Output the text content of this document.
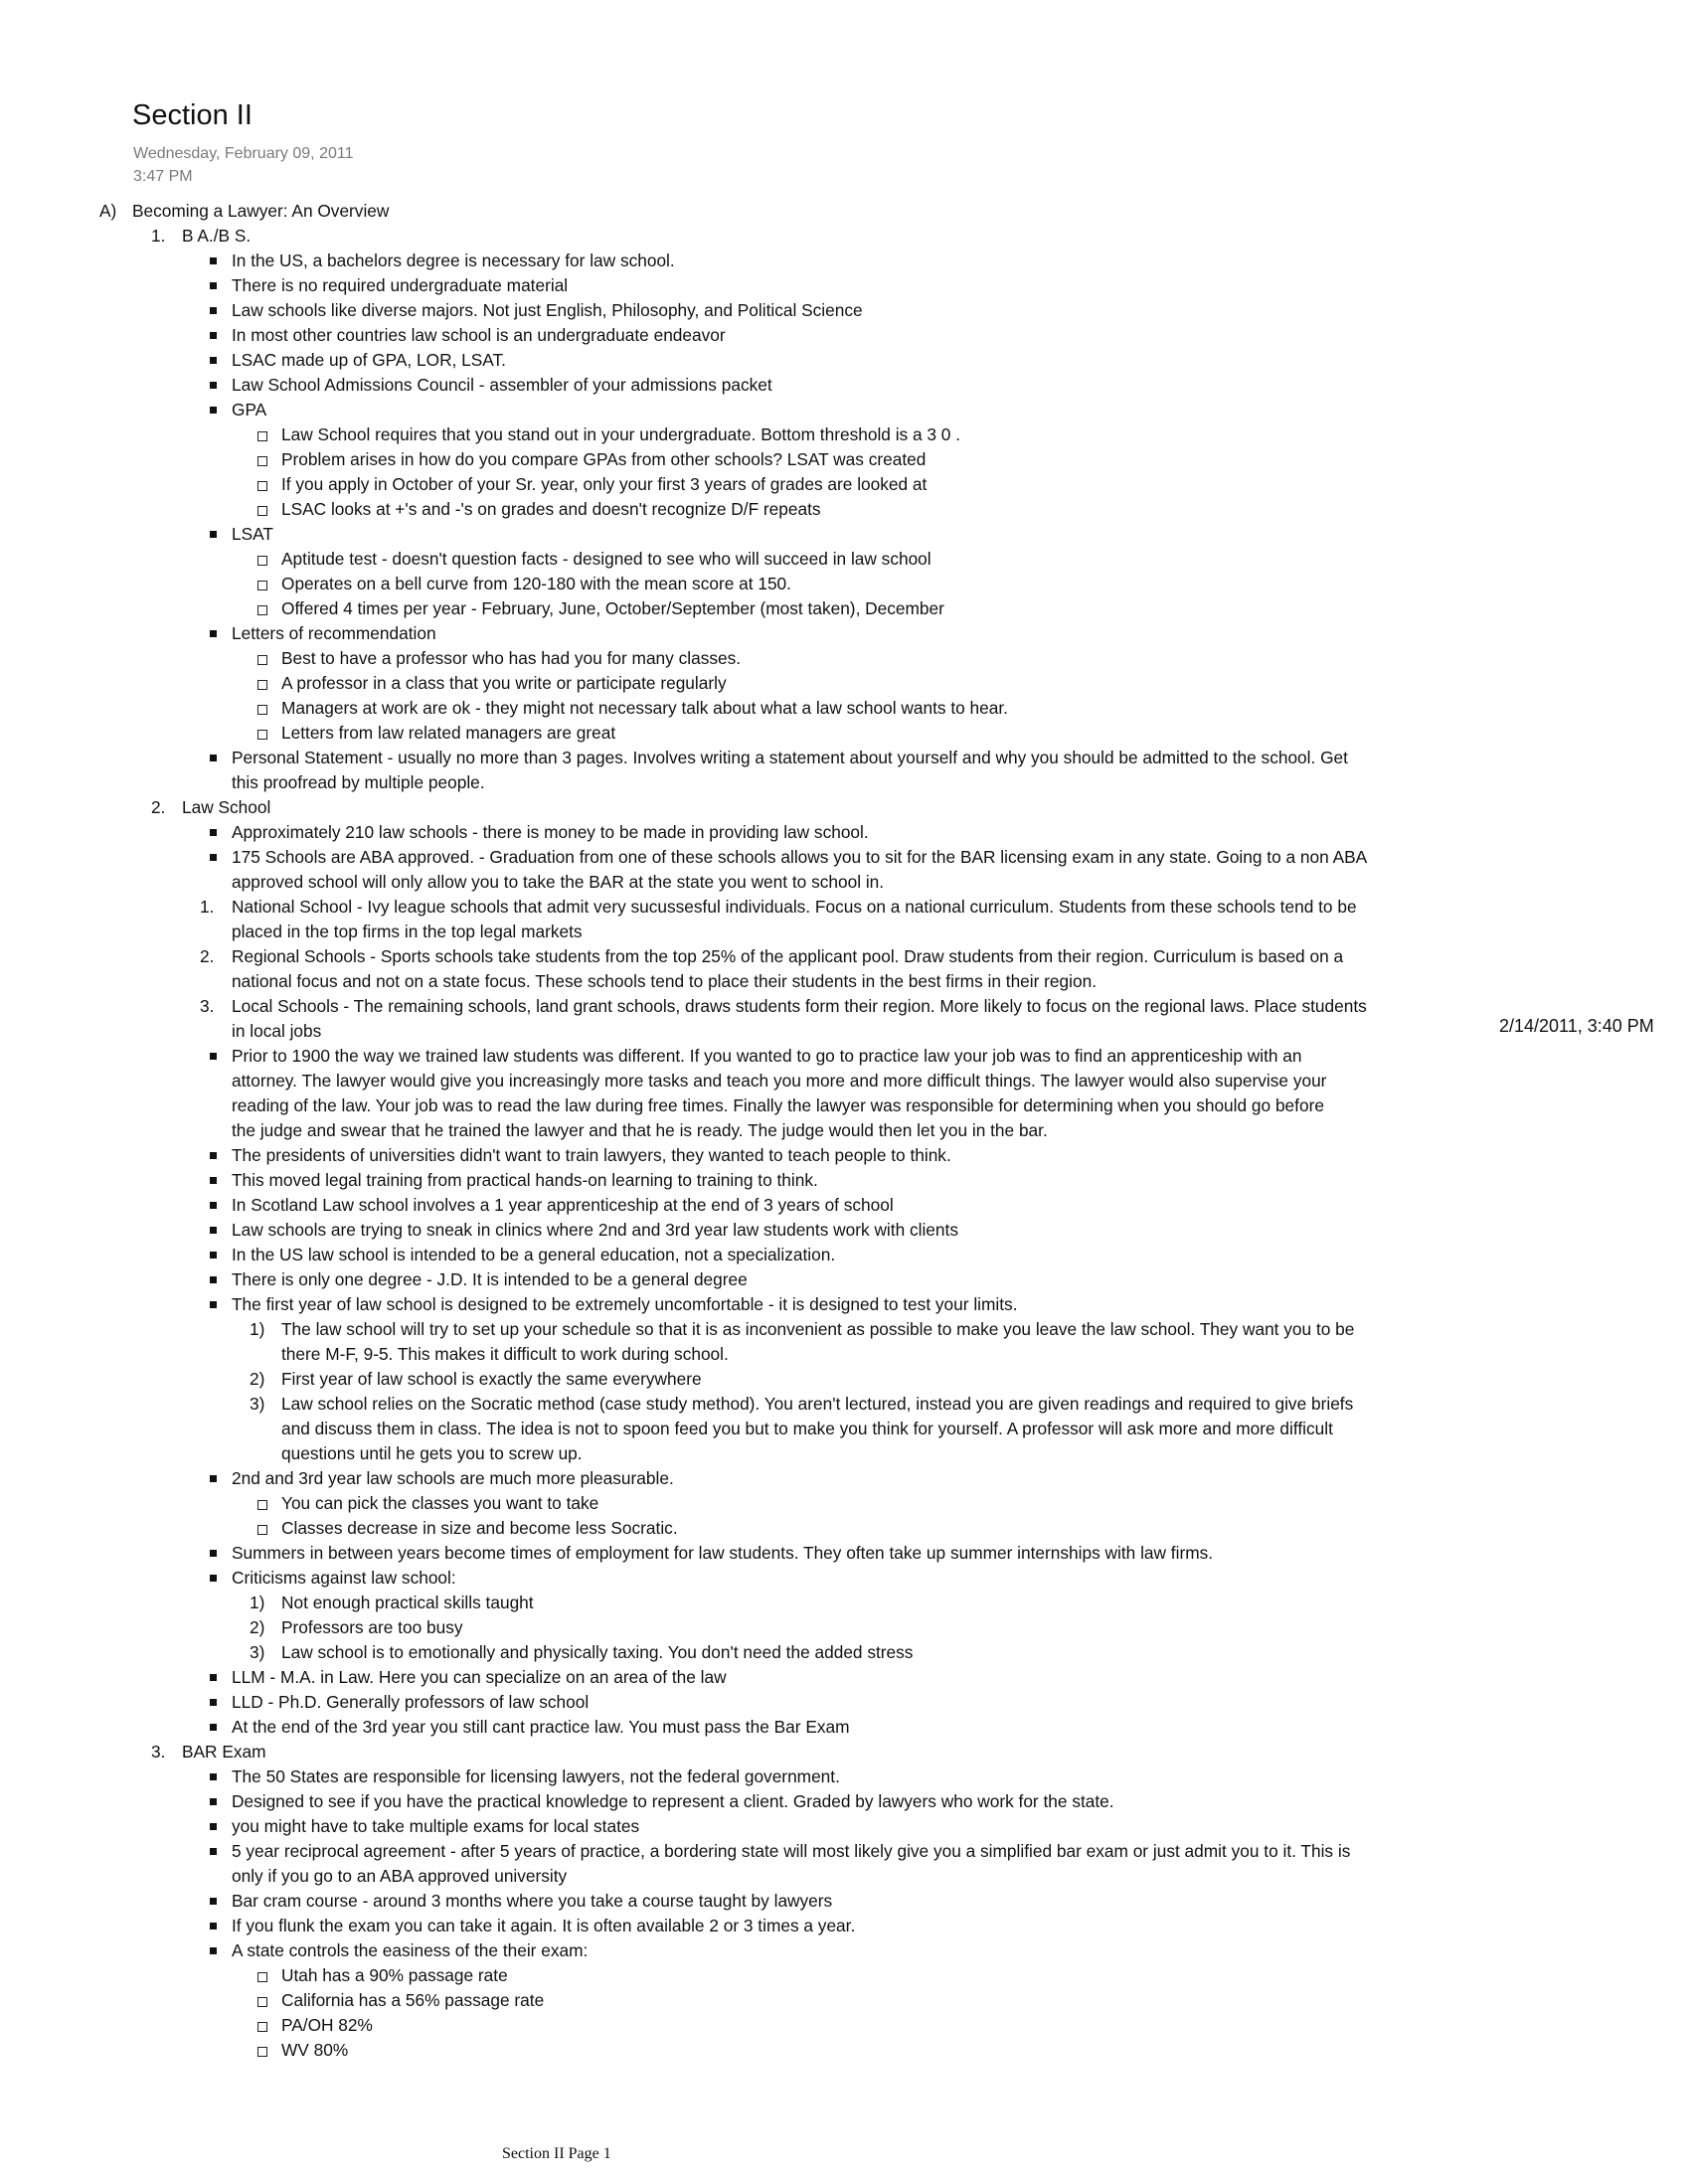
Section II
Wednesday, February 09, 2011
3:47 PM
A) Becoming a Lawyer: An Overview
1. B A./B S.
In the US, a bachelors degree is necessary for law school.
There is no required undergraduate material
Law schools like diverse majors. Not just English, Philosophy, and Political Science
In most other countries law school is an undergraduate endeavor
LSAC made up of GPA, LOR, LSAT.
Law School Admissions Council - assembler of your admissions packet
GPA
Law School requires that you stand out in your undergraduate. Bottom threshold is a 3 0 .
Problem arises in how do you compare GPAs from other schools? LSAT was created
If you apply in October of your Sr. year, only your first 3 years of grades are looked at
LSAC looks at +'s and -'s on grades and doesn't recognize D/F repeats
LSAT
Aptitude test - doesn't question facts - designed to see who will succeed in law school
Operates on a bell curve from 120-180 with the mean score at 150.
Offered 4 times per year - February, June, October/September (most taken), December
Letters of recommendation
Best to have a professor who has had you for many classes.
A professor in a class that you write or participate regularly
Managers at work are ok - they might not necessary talk about what a law school wants to hear.
Letters from law related managers are great
Personal Statement - usually no more than 3 pages. Involves writing a statement about yourself and why you should be admitted to the school. Get
this proofread by multiple people.
2. Law School
Approximately 210 law schools - there is money to be made in providing law school.
175 Schools are ABA approved. - Graduation from one of these schools allows you to sit for the BAR licensing exam in any state. Going to a non ABA
approved school will only allow you to take the BAR at the state you went to school in.
1. National School - Ivy league schools that admit very sucussesful individuals. Focus on a national curriculum. Students from these schools tend to be
placed in the top firms in the top legal markets
2. Regional Schools - Sports schools take students from the top 25% of the applicant pool. Draw students from their region. Curriculum is based on a
national focus and not on a state focus. These schools tend to place their students in the best firms in their region.
3. Local Schools - The remaining schools, land grant schools, draws students form their region. More likely to focus on the regional laws. Place students
in local jobs
Prior to 1900 the way we trained law students was different. If you wanted to go to practice law your job was to find an apprenticeship with an
attorney. The lawyer would give you increasingly more tasks and teach you more and more difficult things. The lawyer would also supervise your
reading of the law. Your job was to read the law during free times. Finally the lawyer was responsible for determining when you should go before
the judge and swear that he trained the lawyer and that he is ready. The judge would then let you in the bar.
The presidents of universities didn't want to train lawyers, they wanted to teach people to think.
This moved legal training from practical hands-on learning to training to think.
In Scotland Law school involves a 1 year apprenticeship at the end of 3 years of school
Law schools are trying to sneak in clinics where 2nd and 3rd year law students work with clients
In the US law school is intended to be a general education, not a specialization.
There is only one degree - J.D. It is intended to be a general degree
The first year of law school is designed to be extremely uncomfortable - it is designed to test your limits.
1) The law school will try to set up your schedule so that it is as inconvenient as possible to make you leave the law school. They want you to be
there M-F, 9-5. This makes it difficult to work during school.
2) First year of law school is exactly the same everywhere
3) Law school relies on the Socratic method (case study method). You aren't lectured, instead you are given readings and required to give briefs
and discuss them in class. The idea is not to spoon feed you but to make you think for yourself. A professor will ask more and more difficult
questions until he gets you to screw up.
2nd and 3rd year law schools are much more pleasurable.
You can pick the classes you want to take
Classes decrease in size and become less Socratic.
Summers in between years become times of employment for law students. They often take up summer internships with law firms.
Criticisms against law school:
1) Not enough practical skills taught
2) Professors are too busy
3) Law school is to emotionally and physically taxing. You don't need the added stress
LLM - M.A. in Law. Here you can specialize on an area of the law
LLD - Ph.D. Generally professors of law school
At the end of the 3rd year you still cant practice law. You must pass the Bar Exam
3. BAR Exam
The 50 States are responsible for licensing lawyers, not the federal government.
Designed to see if you have the practical knowledge to represent a client. Graded by lawyers who work for the state.
you might have to take multiple exams for local states
5 year reciprocal agreement - after 5 years of practice, a bordering state will most likely give you a simplified bar exam or just admit you to it. This is
only if you go to an ABA approved university
Bar cram course - around 3 months where you take a course taught by lawyers
If you flunk the exam you can take it again. It is often available 2 or 3 times a year.
A state controls the easiness of the their exam:
Utah has a 90% passage rate
California has a 56% passage rate
PA/OH 82%
WV 80%
2/14/2011, 3:40 PM
Section II Page 1
